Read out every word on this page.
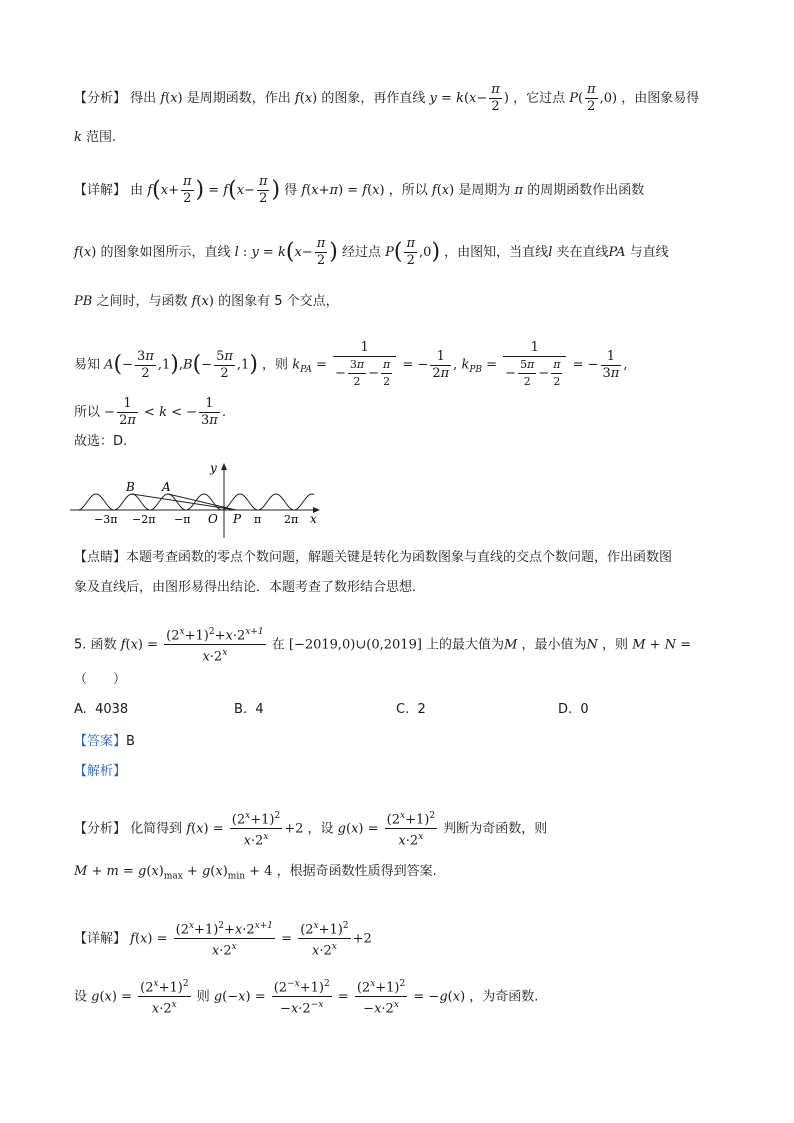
【分析】 得出 f(x) 是周期函数，作出 f(x) 的图象，再作直线 $y = k(x- \frac{\pi}{2}$ ) ，它过点 $P( \frac{\pi}{2} ,0)$ ，由图象易得
k 范围.
【详解】 由 $f(x+ \frac{\pi}{2}$ ) = $f(x- \frac{\pi}{2}$ ) 得 f(x+π) = f(x) ，所以 f(x) 是周期为 π 的周期函数作出函数
f(x) 的图象如图所示，直线 l : $y = k(x- \frac{\pi}{2}$ ) 经过点 $P( \frac{\pi}{2} ,0)$ ，由图知，当直线l 夹在直线PA 与直线
PB 之间时，与函数 f(x) 的图象有 5 个交点，
易知 $A(- \frac{3\pi}{2} ,1),B(- \frac{5\pi}{2} ,1)$ ，则 $k_{PA} = \frac{1}{- \frac{3\pi}{2} - \frac{\pi}{2}}$ = − $\frac{1}{2\pi}$ , $k_{PB} = \frac{1}{- \frac{5\pi}{2} - \frac{\pi}{2}}$ = − $\frac{1}{3\pi}$ ,
所以 − $\frac{1}{2\pi} < k$ < − $\frac{1}{3\pi}$ .
故选：D.
y
x
B A
O P
−3π −2π −π	π 2π
【点睛】本题考查函数的零点个数问题，解题关键是转化为函数图象与直线的交点个数问题，作出函数图
象及直线后，由图形易得出结论．本题考查了数形结合思想．
5. 函数 $f(x) = \frac{(2^x+1)^2+x\cdot 2^{x+1}}{x\cdot 2^x}$ 在 [−2019,0)∪(0,2019] 上的最大值为M ，最小值为N ，则 M + N =
（　　）
A. 4038	B. 4	C. 2	D. 0
【答案】B
【解析】
【分析】 化简得到 $f(x) = \frac{(2^x+1)^2}{x\cdot 2^x} +2$ ，设 $g(x) = \frac{(2^x+1)^2}{x\cdot 2^x}$ 判断为奇函数，则
$M + m = g(x)_{max} + g(x)_{min} + 4$ ，根据奇函数性质得到答案.
【详解】 $f(x) = \frac{(2^x+1)^2+x\cdot 2^{x+1}}{x\cdot 2^x} = \frac{(2^x+1)^2}{x\cdot 2^x} +2$
设 $g(x) = \frac{(2^x+1)^2}{x\cdot 2^x}$ 则 $g(-x) = \frac{(2^{-x}+1)^2}{-x\cdot 2^{-x}} = \frac{(2^x+1)^2}{-x\cdot 2^x} = -g(x)$ ，为奇函数.
